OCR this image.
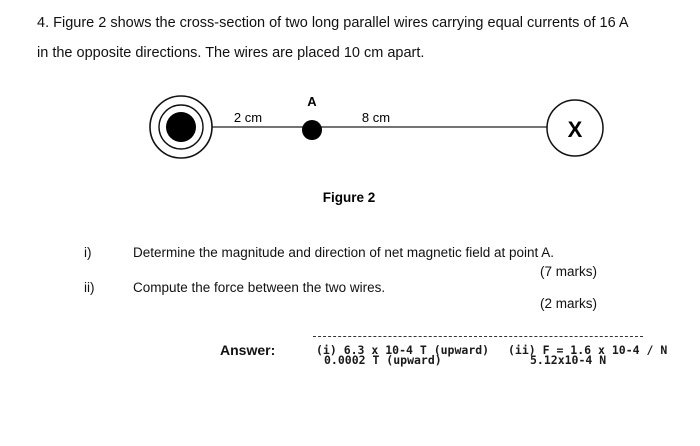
4. Figure 2 shows the cross-section of two long parallel wires carrying equal currents of 16 A
in the opposite directions. The wires are placed 10 cm apart.
A
2 cm	8 cm	X
Figure 2
i)	Determine the magnitude and direction of net magnetic field at point A.
(7 marks)
ii)	Compute the force between the two wires.
(2 marks)
Answer:	(i) 6.3 x 10-4 T (upward)
0.0002 T (upward)
(ii) F = 1.6 x 10-4 / N
5.12x10-4 N
